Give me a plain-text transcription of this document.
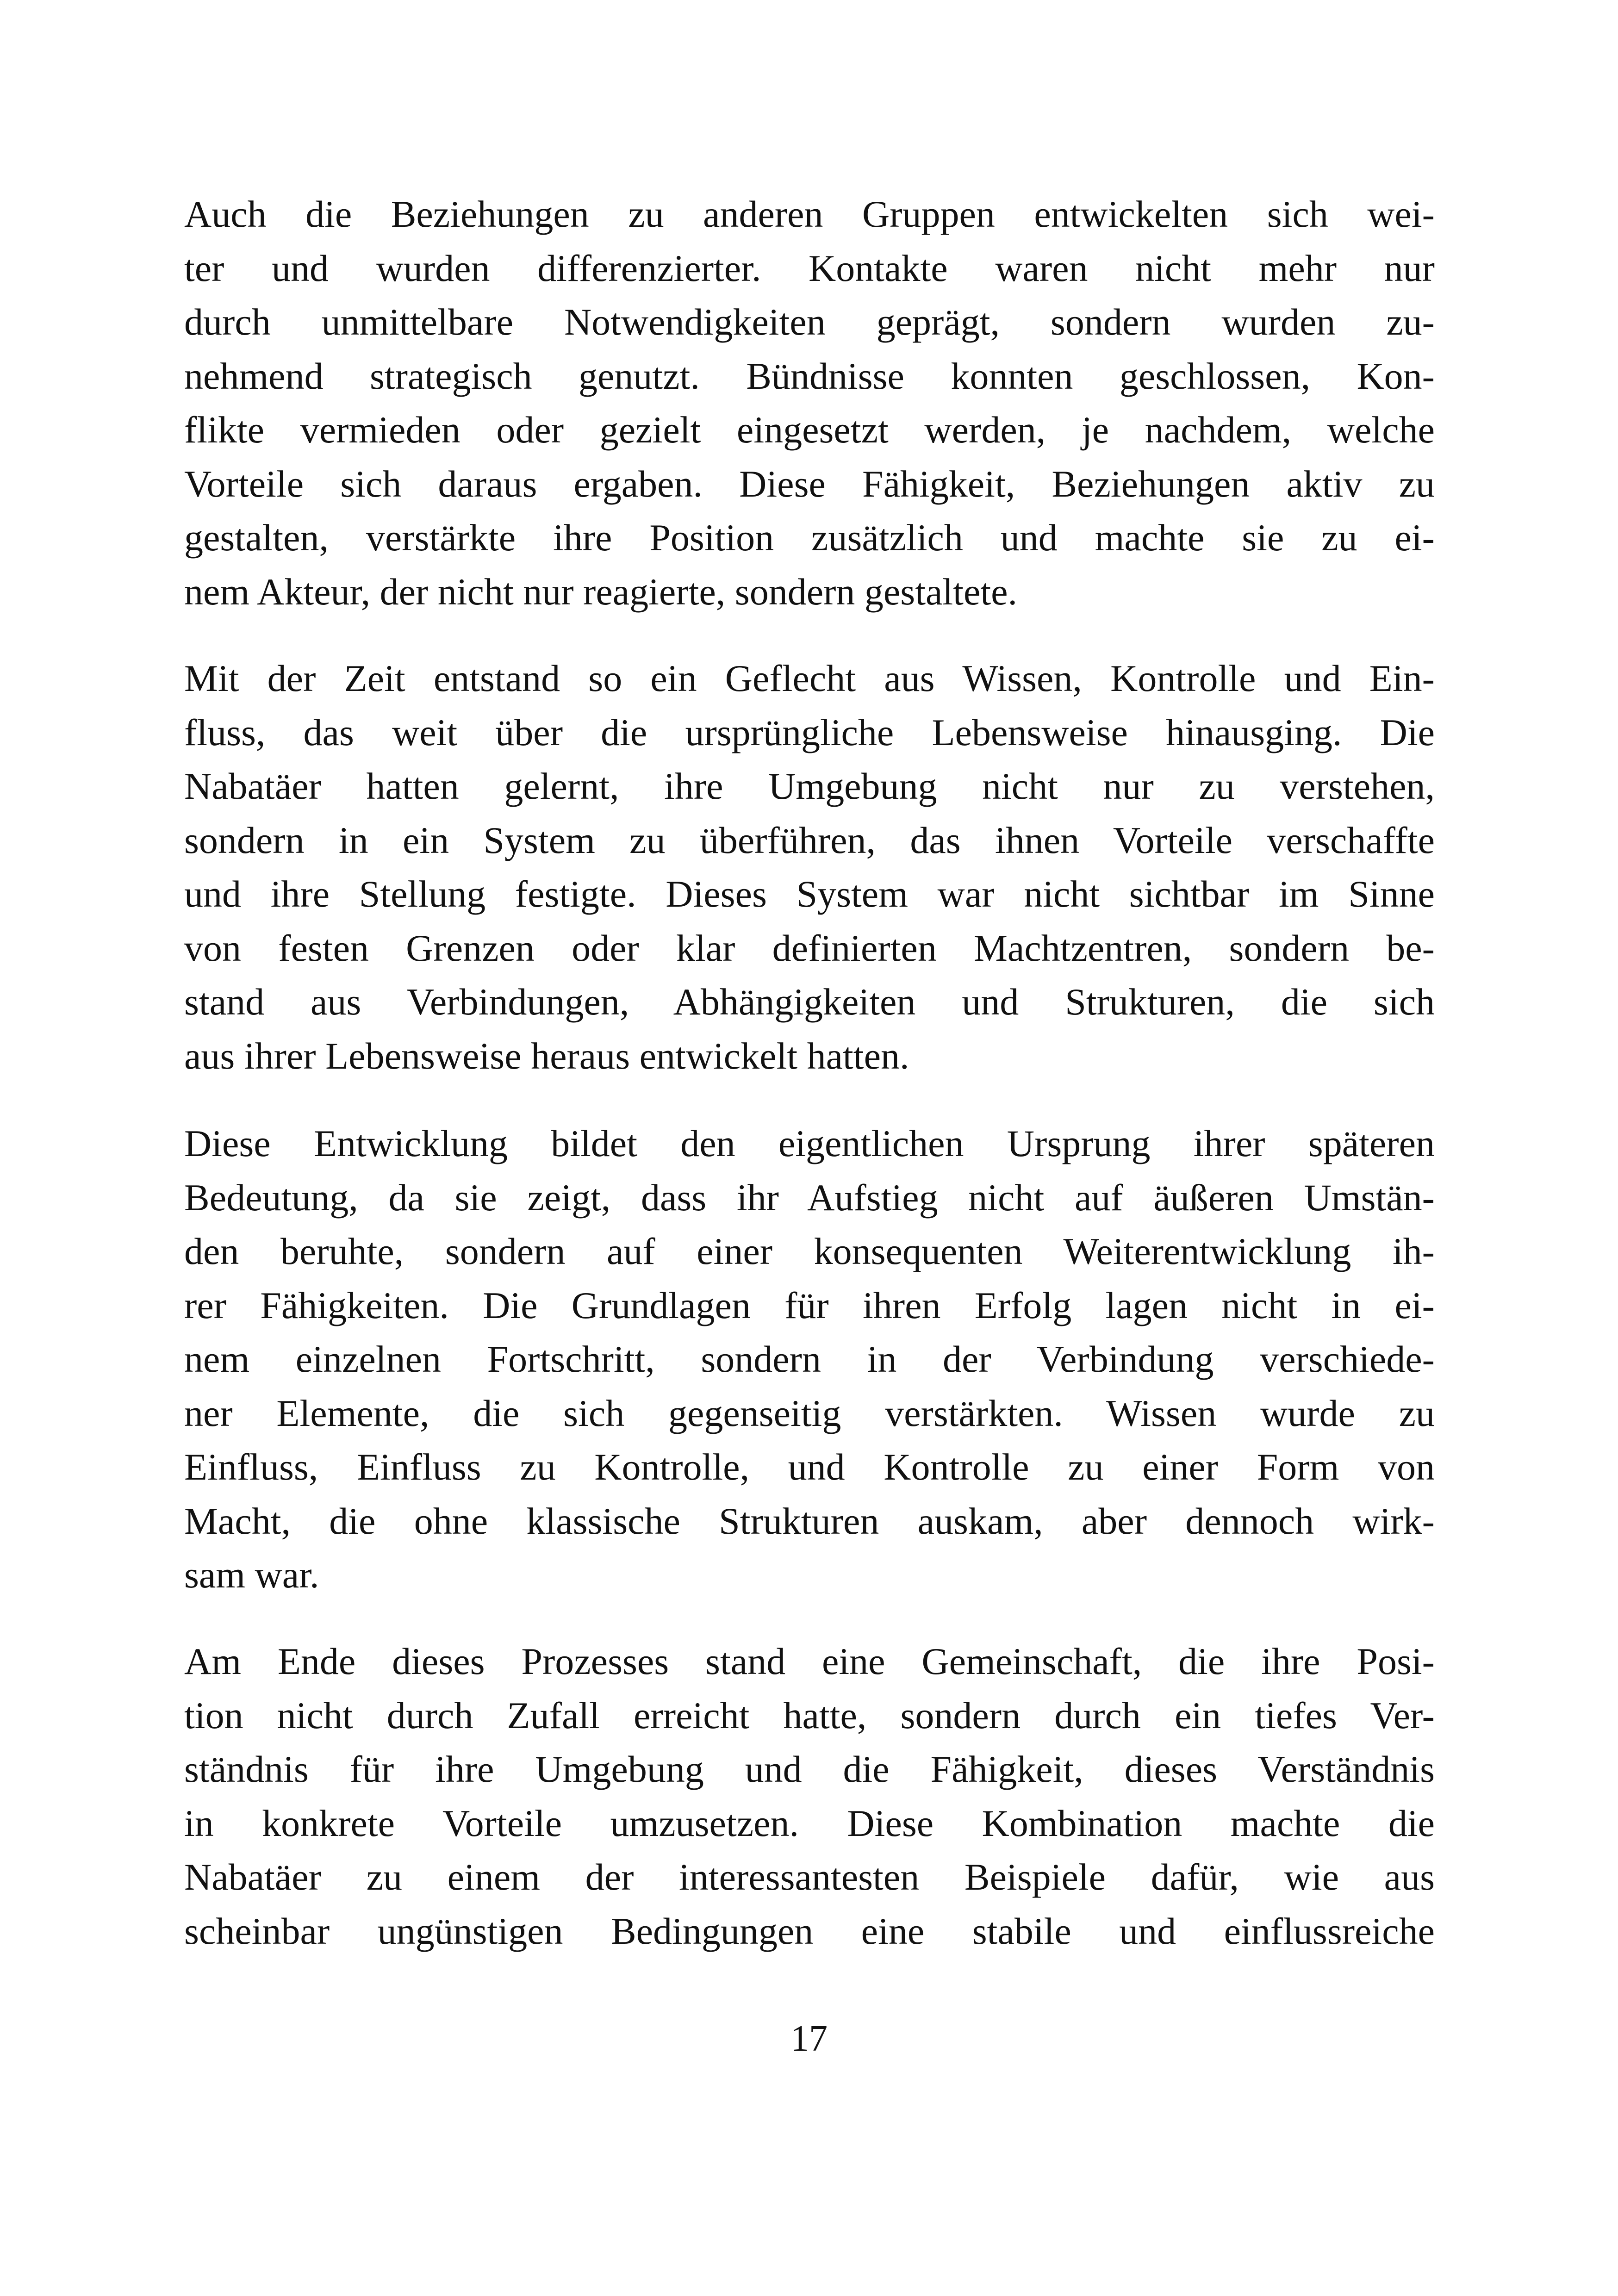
Auch die Beziehungen zu anderen Gruppen entwickelten sich wei-
ter und wurden differenzierter. Kontakte waren nicht mehr nur
durch unmittelbare Notwendigkeiten geprägt, sondern wurden zu-
nehmend strategisch genutzt. Bündnisse konnten geschlossen, Kon-
flikte vermieden oder gezielt eingesetzt werden, je nachdem, welche
Vorteile sich daraus ergaben. Diese Fähigkeit, Beziehungen aktiv zu
gestalten, verstärkte ihre Position zusätzlich und machte sie zu ei-
nem Akteur, der nicht nur reagierte, sondern gestaltete.

Mit der Zeit entstand so ein Geflecht aus Wissen, Kontrolle und Ein-
fluss, das weit über die ursprüngliche Lebensweise hinausging. Die
Nabatäer hatten gelernt, ihre Umgebung nicht nur zu verstehen,
sondern in ein System zu überführen, das ihnen Vorteile verschaffte
und ihre Stellung festigte. Dieses System war nicht sichtbar im Sinne
von festen Grenzen oder klar definierten Machtzentren, sondern be-
stand aus Verbindungen, Abhängigkeiten und Strukturen, die sich
aus ihrer Lebensweise heraus entwickelt hatten.

Diese Entwicklung bildet den eigentlichen Ursprung ihrer späteren
Bedeutung, da sie zeigt, dass ihr Aufstieg nicht auf äußeren Umstän-
den beruhte, sondern auf einer konsequenten Weiterentwicklung ih-
rer Fähigkeiten. Die Grundlagen für ihren Erfolg lagen nicht in ei-
nem einzelnen Fortschritt, sondern in der Verbindung verschiede-
ner Elemente, die sich gegenseitig verstärkten. Wissen wurde zu
Einfluss, Einfluss zu Kontrolle, und Kontrolle zu einer Form von
Macht, die ohne klassische Strukturen auskam, aber dennoch wirk-
sam war.

Am Ende dieses Prozesses stand eine Gemeinschaft, die ihre Posi-
tion nicht durch Zufall erreicht hatte, sondern durch ein tiefes Ver-
ständnis für ihre Umgebung und die Fähigkeit, dieses Verständnis
in konkrete Vorteile umzusetzen. Diese Kombination machte die
Nabatäer zu einem der interessantesten Beispiele dafür, wie aus
scheinbar ungünstigen Bedingungen eine stabile und einflussreiche

17
